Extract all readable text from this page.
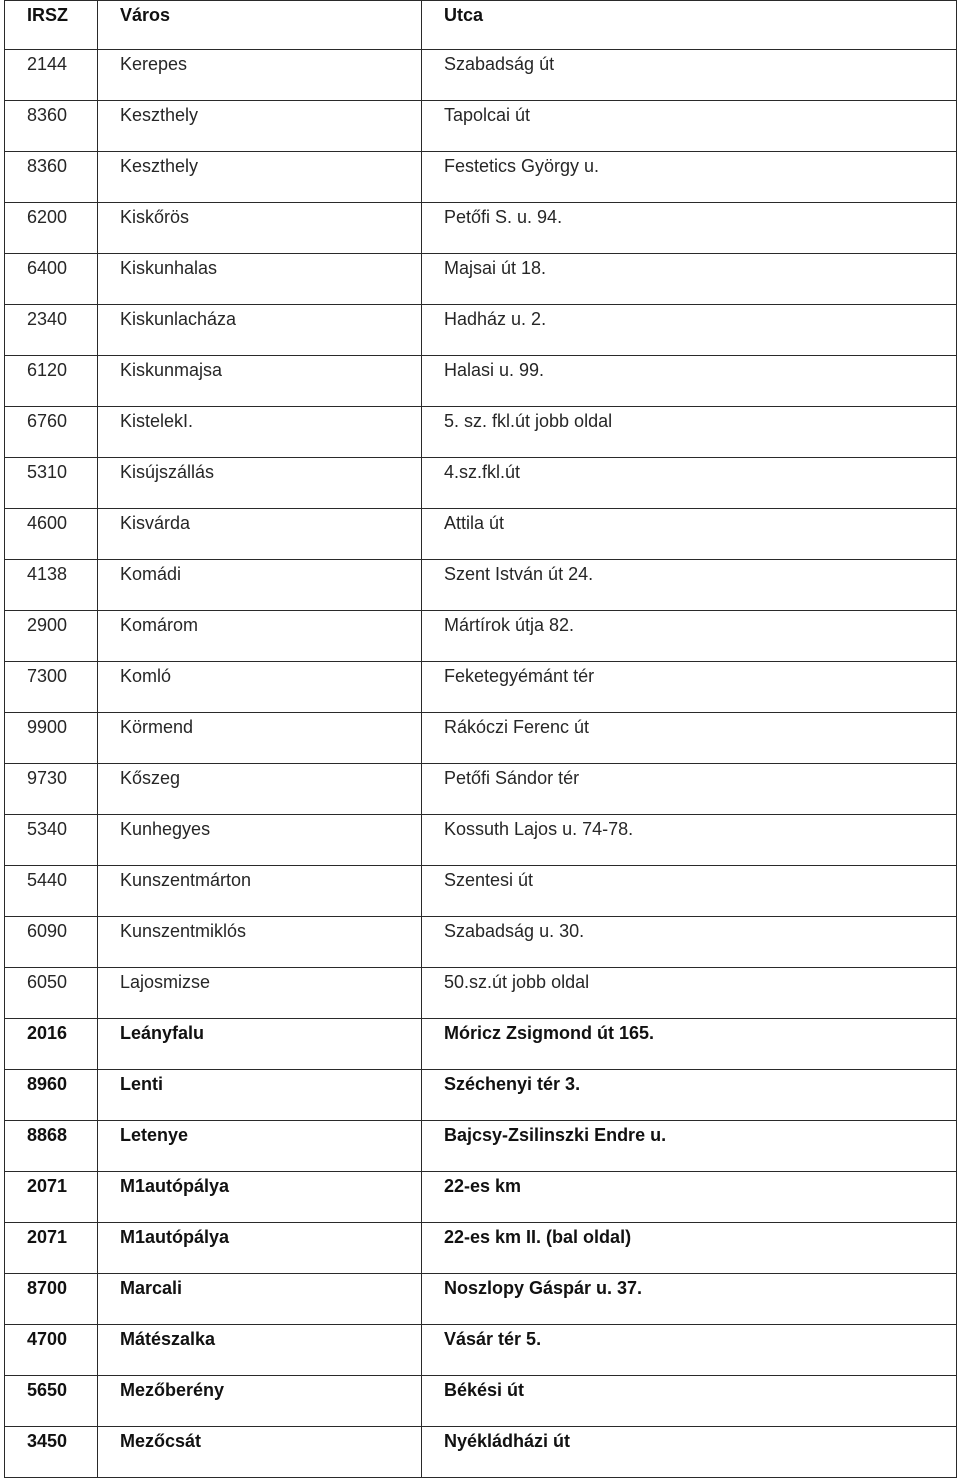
IRSZ	Város	Utca
2144	Kerepes	Szabadság út
8360	Keszthely	Tapolcai út
8360	Keszthely	Festetics György u.
6200	Kiskőrös	Petőfi S. u. 94.
6400	Kiskunhalas	Majsai út 18.
2340	Kiskunlacháza	Hadház u. 2.
6120	Kiskunmajsa	Halasi u. 99.
6760	KistelekI.	5. sz. fkl.út jobb oldal
5310	Kisújszállás	4.sz.fkl.út
4600	Kisvárda	Attila út
4138	Komádi	Szent István út 24.
2900	Komárom	Mártírok útja 82.
7300	Komló	Feketegyémánt tér
9900	Körmend	Rákóczi Ferenc út
9730	Kőszeg	Petőfi Sándor tér
5340	Kunhegyes	Kossuth Lajos u. 74-78.
5440	Kunszentmárton	Szentesi út
6090	Kunszentmiklós	Szabadság u. 30.
6050	Lajosmizse	50.sz.út jobb oldal
2016	Leányfalu	Móricz Zsigmond út 165.
8960	Lenti	Széchenyi tér 3.
8868	Letenye	Bajcsy-Zsilinszki Endre u.
2071	M1autópálya	22-es km
2071	M1autópálya	22-es km II. (bal oldal)
8700	Marcali	Noszlopy Gáspár u. 37.
4700	Mátészalka	Vásár tér 5.
5650	Mezőberény	Békési út
3450	Mezőcsát	Nyékládházi út
